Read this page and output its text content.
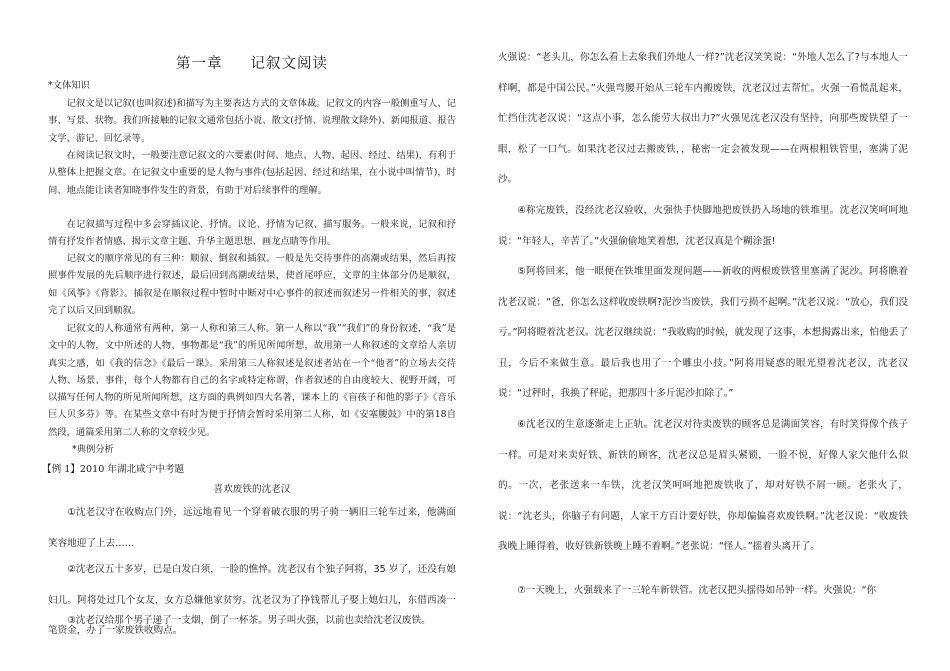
第一章 记叙文阅读
*文体知识
记叙文是以记叙(也叫叙述)和描写为主要表达方式的文章体裁。记叙文的内容一般侧重写人、记事、写景、状物。我们所接触的记叙文通常包括小说、散文(抒情、说理散文除外)、新闻报道、报告文学、游记、回忆录等。
在阅读记叙文时，一般要注意记叙文的六要素(时间、地点、人物、起因、经过、结果)，有利于从整体上把握文章。在记叙文中重要的是人物与事件(包括起因、经过和结果，在小说中叫情节)，时间、地点能让读者知晓事件发生的背景，有助于对后续事件的理解。
在记叙描写过程中多会穿插议论、抒情。议论、抒情为记叙、描写服务。一般来说，记叙和抒情有抒发作者情感、揭示文章主题、升华主题思想、画龙点睛等作用。
记叙文的顺序常见的有三种：顺叙、倒叙和插叙。一般是先交待事件的高潮或结果，然后再按照事件发展的先后顺序进行叙述，最后回到高潮或结果，使首尾呼应，文章的主体部分仍是顺叙，如《风筝》《背影》。插叙是在顺叙过程中暂时中断对中心事件的叙述而叙述另一件相关的事，叙述完了以后又回到顺叙。
记叙文的人称通常有两种，第一人称和第三人称。第一人称以“我”“我们”的身份叙述，“我”是文中的人物，文中所述的人物、事物都是“我”的所见所闻所想，故用第一人称叙述的文章给人亲切真实之感，如《我的信念》《最后一课》。采用第三人称叙述是叙述者站在一个“他者”的立场去交待人物、场景、事件，每个人物都有自己的名字或特定称谓，作者叙述的自由度较大、视野开阔，可以描写任何人物的所见所闻所想，这方面的典例如四大名著，课本上的《盲孩子和他的影子》《音乐巨人贝多芬》等。在某些文章中有时为便于抒情会暂时采用第二人称，如《安塞腰鼓》中的第18自然段，通篇采用第二人称的文章较少见。
*典例分析
【例 1】2010 年湖北咸宁中考题
喜欢废铁的沈老汉
①沈老汉守在收购点门外，远远地看见一个穿着破衣服的男子骑一辆旧三轮车过来，他满面笑容地迎了上去……
②沈老汉五十多岁，已是白发白须，一脸的憔悴。沈老汉有个独子阿将，35 岁了，还没有媳妇儿。阿将处过几个女友，女方总嫌他家贫穷。沈老汉为了挣钱帮儿子娶上媳妇儿，东借西凑一笔资金，办了一家废铁收购点。
③沈老汉给那个男子递了一支烟，倒了一杯茶。男子叫火强，以前也卖给沈老汉废铁。
火强说：“老头儿，你怎么看上去象我们外地人一样?”沈老汉笑笑说：“外地人怎么了?与本地人一样啊，都是中国公民。”火强弯腰开始从三轮车内搬废铁，沈老汉过去帮忙。火强一看慌乱起来，忙挡住沈老汉说：“这点小事，怎么能劳大叔出力?”火强见沈老汉没有坚持，向那些废铁望了一眼，松了一口气。如果沈老汉过去搬废铁，，秘密一定会被发现——在两根粗铁管里，塞满了泥沙。
④称完废铁，没经沈老汉验收，火强快手快脚地把废铁扔入场地的铁堆里。沈老汉笑呵呵地说：“年轻人，辛苦了。”火强偷偷地笑着想，沈老汉真是个糊涂蛋!
⑤阿将回来，他一眼便在铁堆里面发现问题——新收的两根废铁管里塞满了泥沙。阿将瞧着沈老汉说：“爸，你怎么这样收废铁啊?泥沙当废铁，我们亏损不起啊。”沈老汉说：“放心，我们没亏。”阿将瞪着沈老汉。沈老汉继续说：“我收购的时候，就发现了这事，本想揭露出来，怕他丢了丑，今后不来做生意。最后我也用了一个雕虫小技。”阿将用疑惑的眼光望着沈老汉，沈老汉说：“过秤时，我换了秤砣，把那四十多斤泥沙扣除了。”
⑥沈老汉的生意逐渐走上正轨。沈老汉对待卖废铁的顾客总是满面笑容，有时笑得像个孩子一样。可是对来卖好铁、新铁的顾客，沈老汉总是眉头紧锁，一脸不悦，好像人家欠他什么似的。一次，老张送来一车铁，沈老汉笑呵呵地把废铁收了，却对好铁不屑一顾。老张火了，说：“沈老头，你脑子有问题，人家干方百计要好铁，你却偏偏喜欢废铁啊。”沈老汉说：“收废铁我晚上睡得着，收好铁新铁晚上睡不着啊。”老张说：“怪人。”摇着头离开了。
⑦一天晚上，火强载来了一三轮车新铁管。沈老汉把头摇得如吊钟一样。火强说：“你
